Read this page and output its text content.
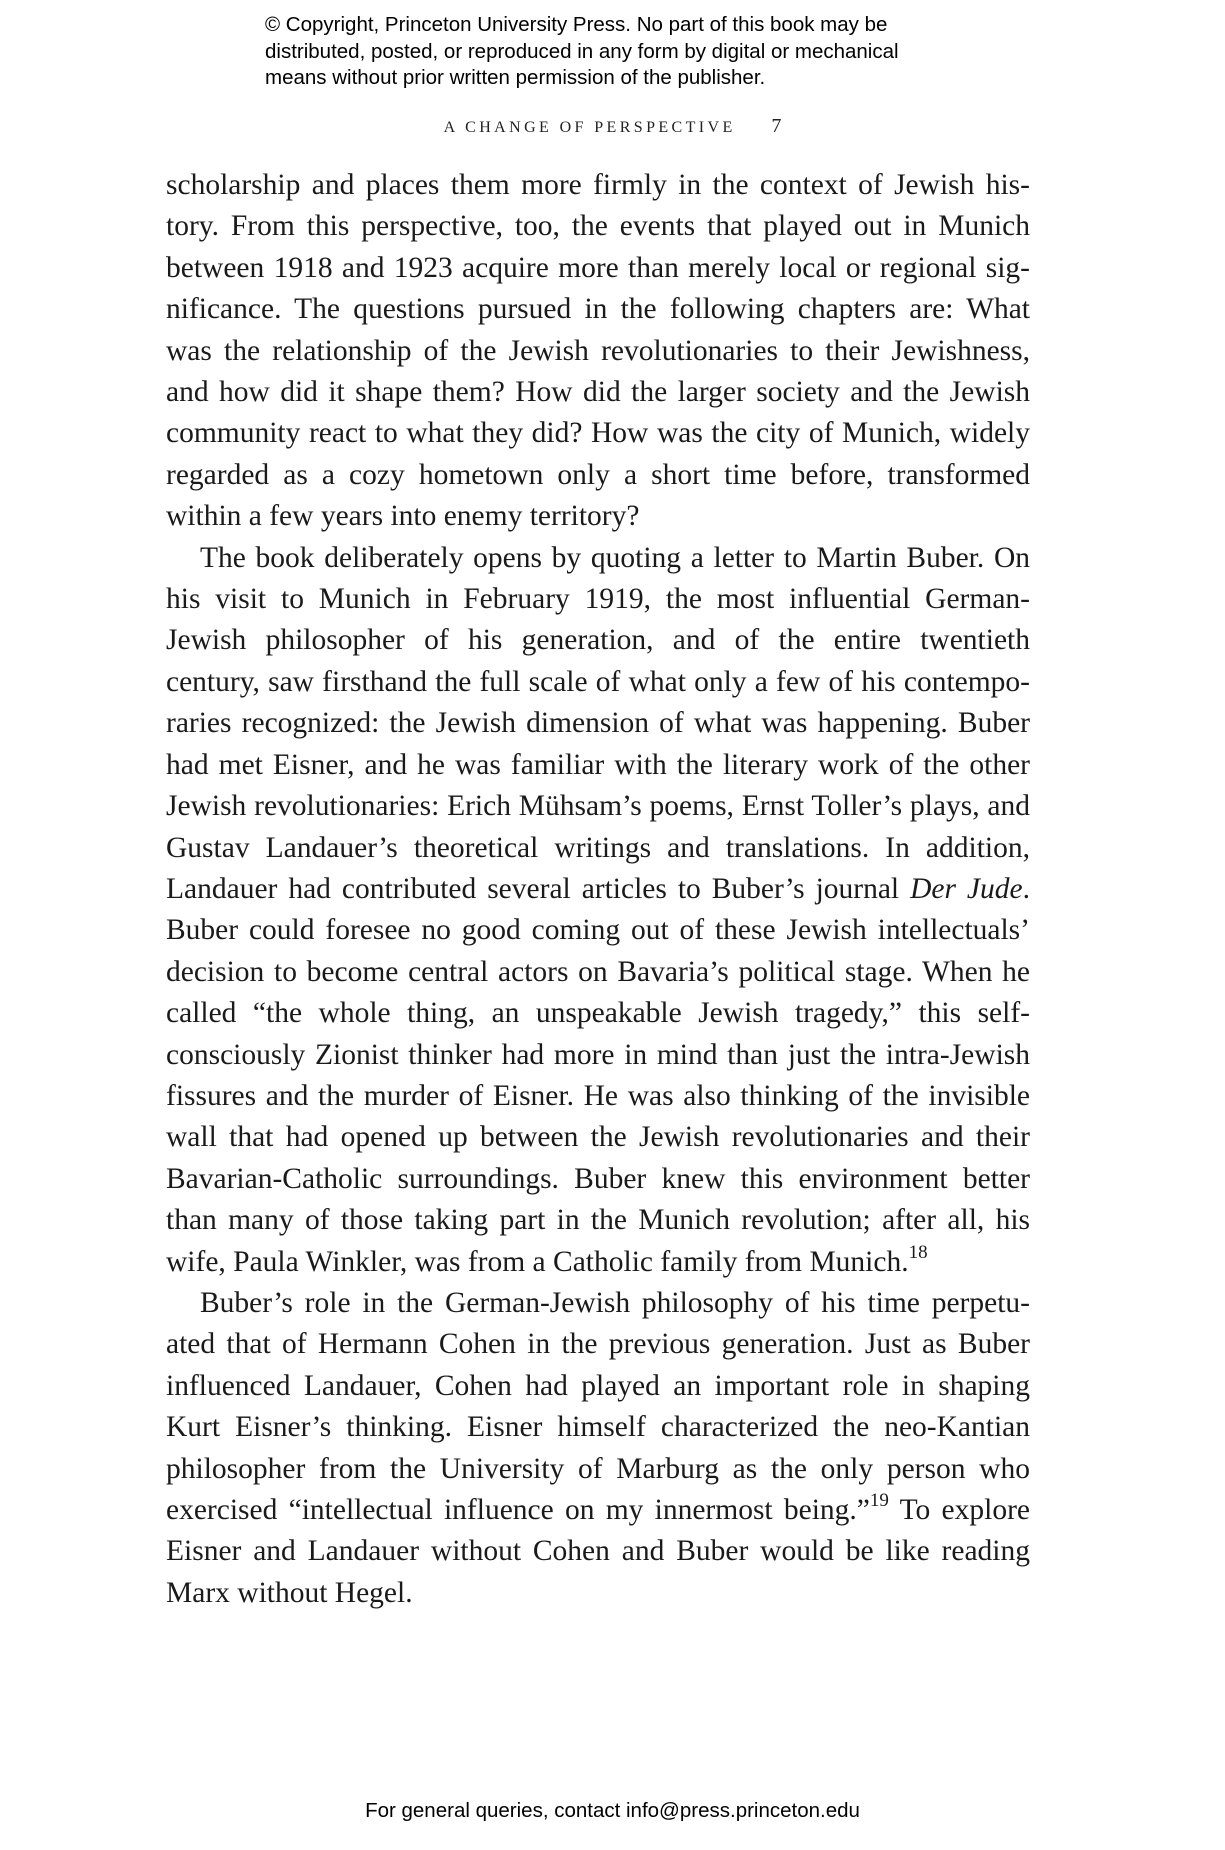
© Copyright, Princeton University Press. No part of this book may be
distributed, posted, or reproduced in any form by digital or mechanical
means without prior written permission of the publisher.
A CHANGE OF PERSPECTIVE 7
scholarship and places them more firmly in the context of Jewish his-
tory. From this perspective, too, the events that played out in Munich
between 1918 and 1923 acquire more than merely local or regional sig-
nificance. The questions pursued in the following chapters are: What
was the relationship of the Jewish revolutionaries to their Jewishness,
and how did it shape them? How did the larger society and the Jewish
community react to what they did? How was the city of Munich, widely
regarded as a cozy hometown only a short time before, transformed
within a few years into enemy territory?
The book deliberately opens by quoting a letter to Martin Buber. On
his visit to Munich in February 1919, the most influential German-
Jewish philosopher of his generation, and of the entire twentieth
century, saw firsthand the full scale of what only a few of his contempo-
raries recognized: the Jewish dimension of what was happening. Buber
had met Eisner, and he was familiar with the literary work of the other
Jewish revolutionaries: Erich Mühsam’s poems, Ernst Toller’s plays, and
Gustav Landauer’s theoretical writings and translations. In addition,
Landauer had contributed several articles to Buber’s journal Der Jude.
Buber could foresee no good coming out of these Jewish intellectuals’
decision to become central actors on Bavaria’s political stage. When he
called “the whole thing, an unspeakable Jewish tragedy,” this self-
consciously Zionist thinker had more in mind than just the intra-Jewish
fissures and the murder of Eisner. He was also thinking of the invisible
wall that had opened up between the Jewish revolutionaries and their
Bavarian-Catholic surroundings. Buber knew this environment better
than many of those taking part in the Munich revolution; after all, his
wife, Paula Winkler, was from a Catholic family from Munich.$^{18}$
Buber’s role in the German-Jewish philosophy of his time perpetu-
ated that of Hermann Cohen in the previous generation. Just as Buber
influenced Landauer, Cohen had played an important role in shaping
Kurt Eisner’s thinking. Eisner himself characterized the neo-Kantian
philosopher from the University of Marburg as the only person who
exercised “intellectual influence on my innermost being.”$^{19}$ To explore
Eisner and Landauer without Cohen and Buber would be like reading
Marx without Hegel.
For general queries, contact info@press.princeton.edu
